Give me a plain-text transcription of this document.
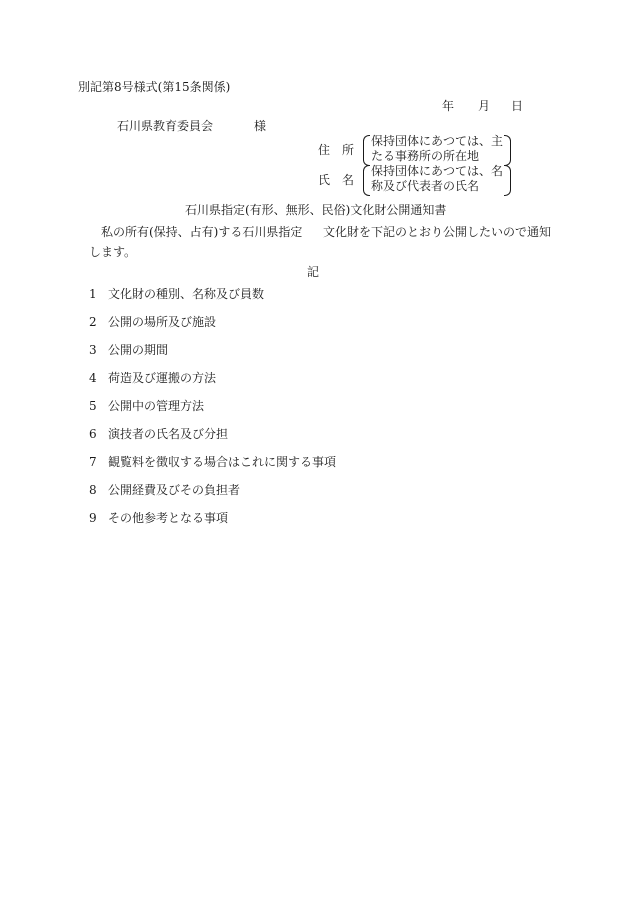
別記第8号様式(第15条関係)
年 月 日
石川県教育委員会	様
住　所
保持団体にあつては、主
たる事務所の所在地
氏　名
保持団体にあつては、名
称及び代表者の氏名
石川県指定(有形、無形、民俗)文化財公開通知書
私の所有(保持、占有)する石川県指定 文化財を下記のとおり公開したいので通知
します。
記
1 文化財の種別、名称及び員数
2 公開の場所及び施設
3 公開の期間
4 荷造及び運搬の方法
5 公開中の管理方法
6 演技者の氏名及び分担
7 観覧料を徴収する場合はこれに関する事項
8 公開経費及びその負担者
9 その他参考となる事項
